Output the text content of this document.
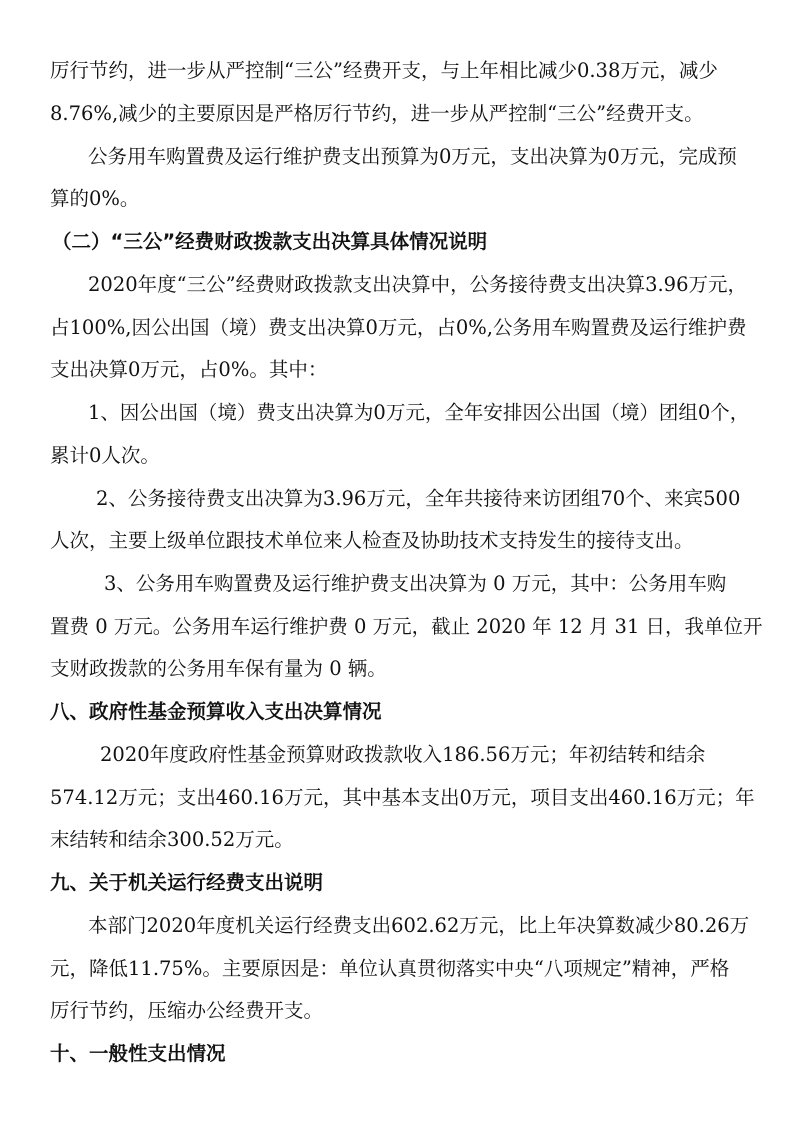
厉行节约，进一步从严控制“三公”经费开支，与上年相比减少0.38万元，减少
8.76%,减少的主要原因是严格厉行节约，进一步从严控制“三公”经费开支。
公务用车购置费及运行维护费支出预算为0万元，支出决算为0万元，完成预
算的0%。
（二）“三公”经费财政拨款支出决算具体情况说明
2020年度“三公”经费财政拨款支出决算中，公务接待费支出决算3.96万元，
占100%,因公出国（境）费支出决算0万元，占0%,公务用车购置费及运行维护费
支出决算0万元，占0%。其中：
1、因公出国（境）费支出决算为0万元，全年安排因公出国（境）团组0个，
累计0人次。
2、公务接待费支出决算为3.96万元，全年共接待来访团组70个、来宾500
人次，主要上级单位跟技术单位来人检查及协助技术支持发生的接待支出。
3、公务用车购置费及运行维护费支出决算为 0 万元，其中：公务用车购
置费 0 万元。公务用车运行维护费 0 万元，截止 2020 年 12 月 31 日，我单位开
支财政拨款的公务用车保有量为 0 辆。
八、政府性基金预算收入支出决算情况
2020年度政府性基金预算财政拨款收入186.56万元；年初结转和结余
574.12万元；支出460.16万元，其中基本支出0万元，项目支出460.16万元；年
末结转和结余300.52万元。
九、关于机关运行经费支出说明
本部门2020年度机关运行经费支出602.62万元，比上年决算数减少80.26万
元，降低11.75%。主要原因是：单位认真贯彻落实中央“八项规定”精神，严格
厉行节约，压缩办公经费开支。
十、一般性支出情况
